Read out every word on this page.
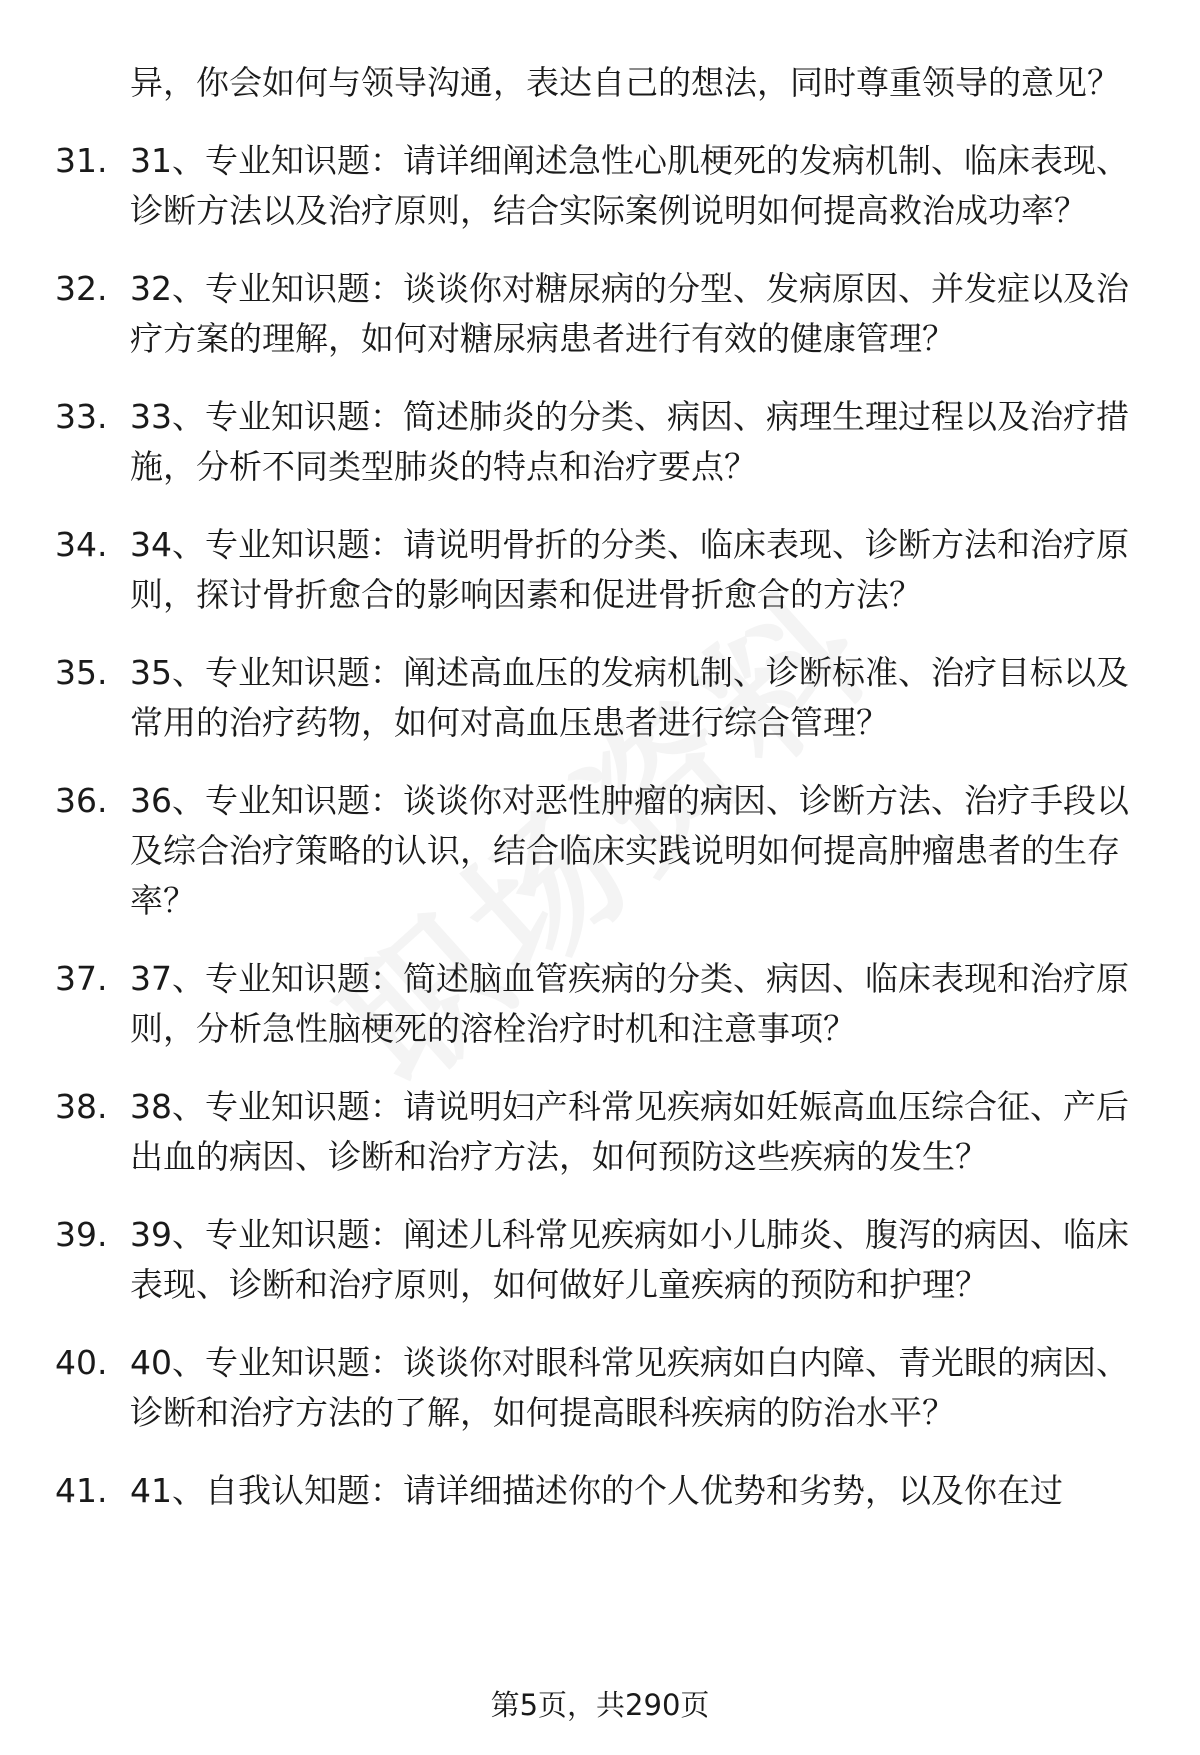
异，你会如何与领导沟通，表达自己的想法，同时尊重领导的意见？
31. 31、专业知识题：请详细阐述急性心肌梗死的发病机制、临床表现、诊断方法以及治疗原则，结合实际案例说明如何提高救治成功率？
32. 32、专业知识题：谈谈你对糖尿病的分型、发病原因、并发症以及治疗方案的理解，如何对糖尿病患者进行有效的健康管理？
33. 33、专业知识题：简述肺炎的分类、病因、病理生理过程以及治疗措施，分析不同类型肺炎的特点和治疗要点？
34. 34、专业知识题：请说明骨折的分类、临床表现、诊断方法和治疗原则，探讨骨折愈合的影响因素和促进骨折愈合的方法？
35. 35、专业知识题：阐述高血压的发病机制、诊断标准、治疗目标以及常用的治疗药物，如何对高血压患者进行综合管理？
36. 36、专业知识题：谈谈你对恶性肿瘤的病因、诊断方法、治疗手段以及综合治疗策略的认识，结合临床实践说明如何提高肿瘤患者的生存率？
37. 37、专业知识题：简述脑血管疾病的分类、病因、临床表现和治疗原则，分析急性脑梗死的溶栓治疗时机和注意事项？
38. 38、专业知识题：请说明妇产科常见疾病如妊娠高血压综合征、产后出血的病因、诊断和治疗方法，如何预防这些疾病的发生？
39. 39、专业知识题：阐述儿科常见疾病如小儿肺炎、腹泻的病因、临床表现、诊断和治疗原则，如何做好儿童疾病的预防和护理？
40. 40、专业知识题：谈谈你对眼科常见疾病如白内障、青光眼的病因、诊断和治疗方法的了解，如何提高眼科疾病的防治水平？
41. 41、自我认知题：请详细描述你的个人优势和劣势，以及你在过
第5页，共290页
